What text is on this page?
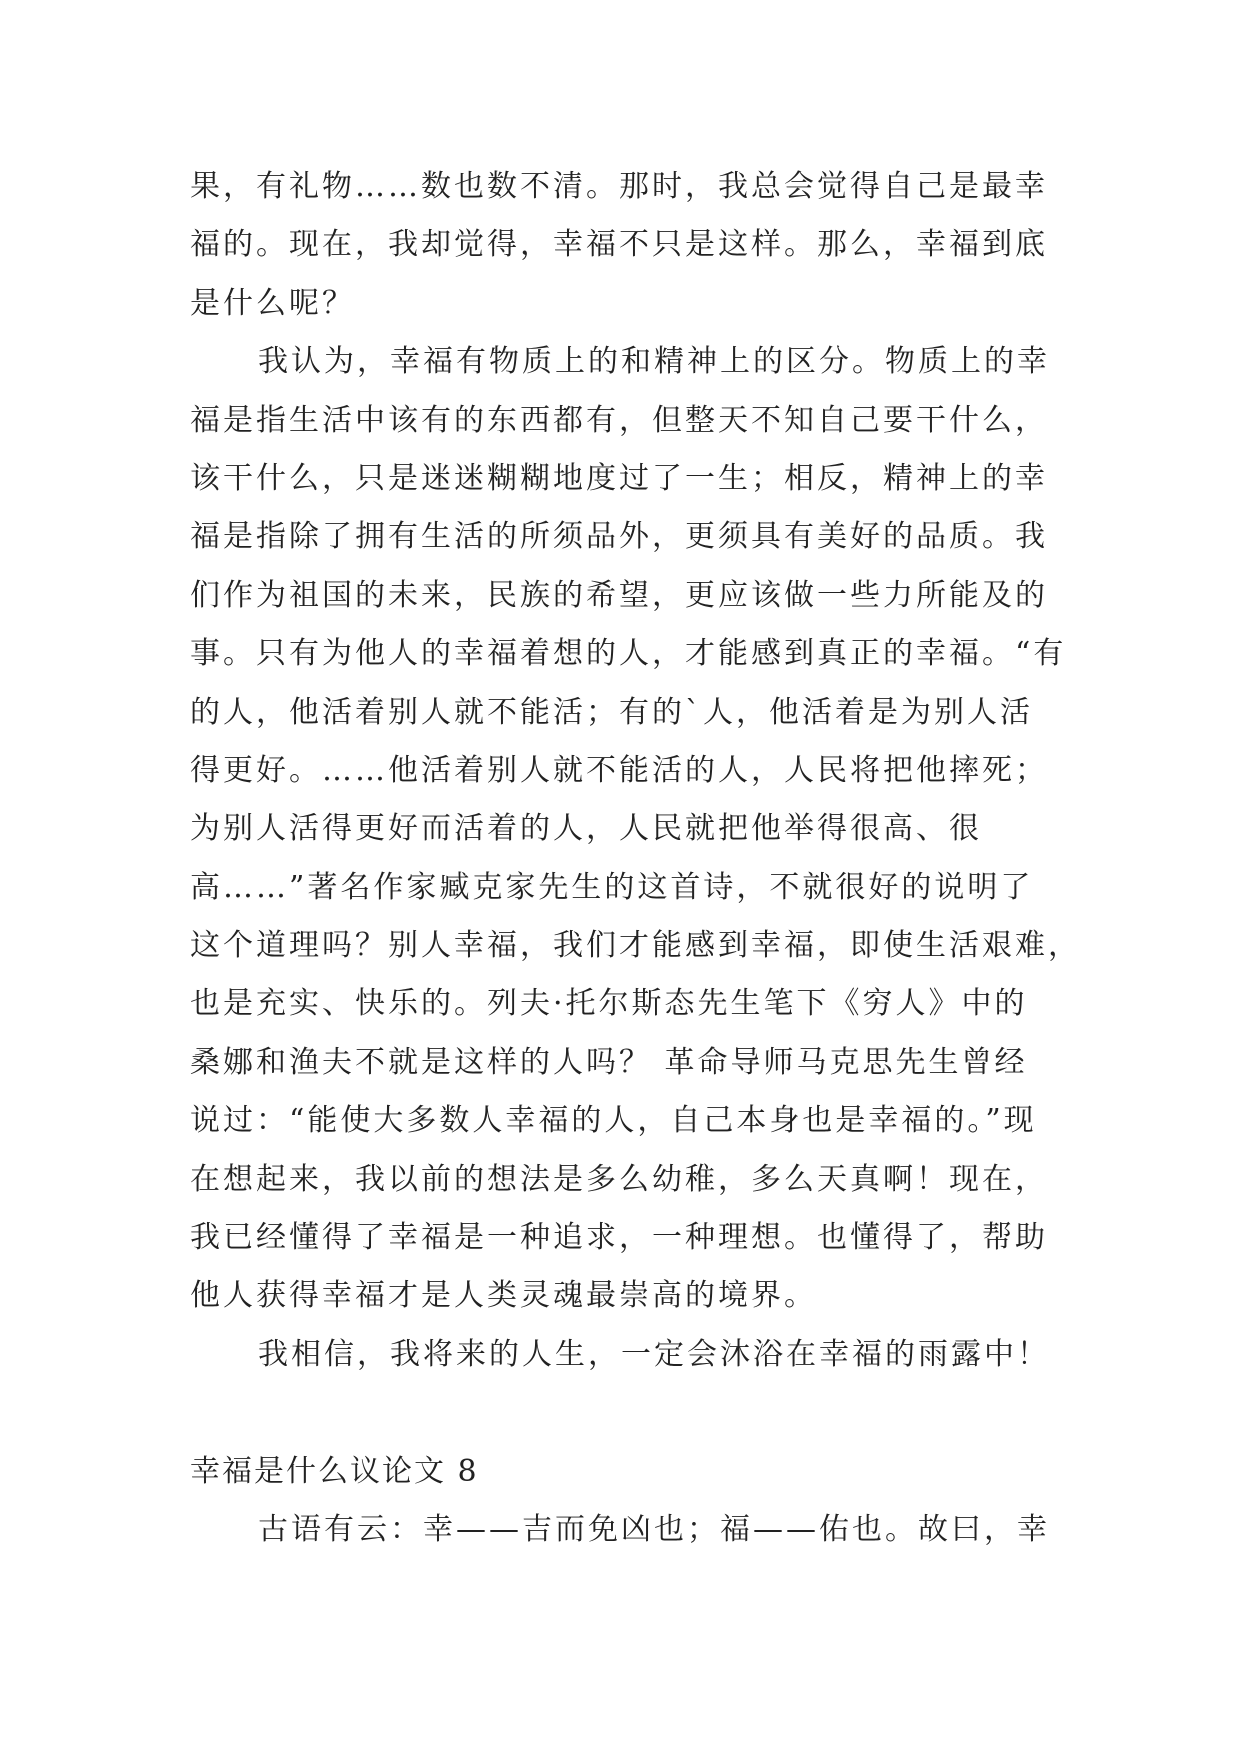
果，有礼物……数也数不清。那时，我总会觉得自己是最幸
福的。现在，我却觉得，幸福不只是这样。那么，幸福到底
是什么呢？
我认为，幸福有物质上的和精神上的区分。物质上的幸
福是指生活中该有的东西都有，但整天不知自己要干什么，
该干什么，只是迷迷糊糊地度过了一生；相反，精神上的幸
福是指除了拥有生活的所须品外，更须具有美好的品质。我
们作为祖国的未来，民族的希望，更应该做一些力所能及的
事。只有为他人的幸福着想的人，才能感到真正的幸福。“有
的人，他活着别人就不能活；有的`人，他活着是为别人活
得更好。……他活着别人就不能活的人，人民将把他摔死；
为别人活得更好而活着的人，人民就把他举得很高、很
高……”著名作家臧克家先生的这首诗，不就很好的说明了
这个道理吗？别人幸福，我们才能感到幸福，即使生活艰难，
也是充实、快乐的。列夫·托尔斯态先生笔下《穷人》中的
桑娜和渔夫不就是这样的人吗？ 革命导师马克思先生曾经
说过：“能使大多数人幸福的人，自己本身也是幸福的。”现
在想起来，我以前的想法是多么幼稚，多么天真啊！现在，
我已经懂得了幸福是一种追求，一种理想。也懂得了，帮助
他人获得幸福才是人类灵魂最崇高的境界。
我相信，我将来的人生，一定会沐浴在幸福的雨露中！
幸福是什么议论文 8
古语有云：幸——吉而免凶也；福——佑也。故曰，幸
